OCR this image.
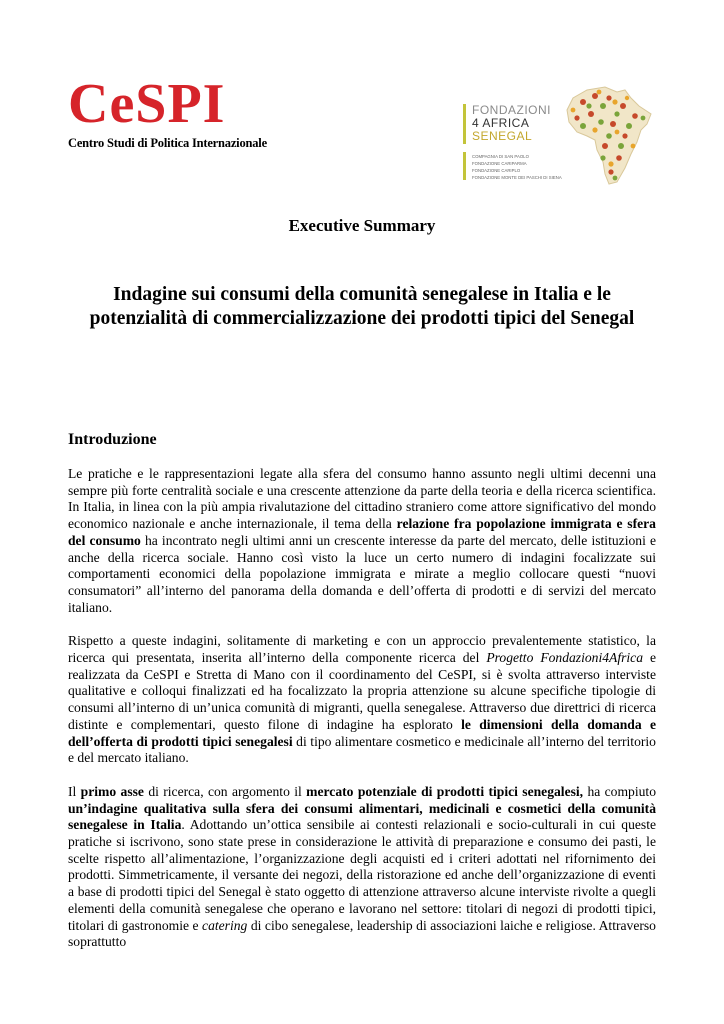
CeSPI
Centro Studi di Politica Internazionale
FONDAZIONI
4 AFRICA
SENEGAL
COMPAGNIA DI SAN PAOLO
FONDAZIONE CARIPARMA
FONDAZIONE CARIPLO
FONDAZIONE MONTE DEI PASCHI DI SIENA
Executive Summary
Indagine sui consumi della comunità senegalese in Italia e le potenzialità di commercializzazione dei prodotti tipici del Senegal
Introduzione

Le pratiche e le rappresentazioni legate alla sfera del consumo hanno assunto negli ultimi decenni una sempre più forte centralità sociale e una crescente attenzione da parte della teoria e della ricerca scientifica. In Italia, in linea con la più ampia rivalutazione del cittadino straniero come attore significativo del mondo economico nazionale e anche internazionale, il tema della relazione fra popolazione immigrata e sfera del consumo ha incontrato negli ultimi anni un crescente interesse da parte del mercato, delle istituzioni e anche della ricerca sociale. Hanno così visto la luce un certo numero di indagini focalizzate sui comportamenti economici della popolazione immigrata e mirate a meglio collocare questi “nuovi consumatori” all’interno del panorama della domanda e dell’offerta di prodotti e di servizi del mercato italiano.

Rispetto a queste indagini, solitamente di marketing e con un approccio prevalentemente statistico, la ricerca qui presentata, inserita all’interno della componente ricerca del Progetto Fondazioni4Africa e realizzata da CeSPI e Stretta di Mano con il coordinamento del CeSPI, si è svolta attraverso interviste qualitative e colloqui finalizzati ed ha focalizzato la propria attenzione su alcune specifiche tipologie di consumi all’interno di un’unica comunità di migranti, quella senegalese. Attraverso due direttrici di ricerca distinte e complementari, questo filone di indagine ha esplorato le dimensioni della domanda e dell’offerta di prodotti tipici senegalesi di tipo alimentare cosmetico e medicinale all’interno del territorio e del mercato italiano.

Il primo asse di ricerca, con argomento il mercato potenziale di prodotti tipici senegalesi, ha compiuto un’indagine qualitativa sulla sfera dei consumi alimentari, medicinali e cosmetici della comunità senegalese in Italia. Adottando un’ottica sensibile ai contesti relazionali e socio-culturali in cui queste pratiche si iscrivono, sono state prese in considerazione le attività di preparazione e consumo dei pasti, le scelte rispetto all’alimentazione, l’organizzazione degli acquisti ed i criteri adottati nel rifornimento dei prodotti. Simmetricamente, il versante dei negozi, della ristorazione ed anche dell’organizzazione di eventi a base di prodotti tipici del Senegal è stato oggetto di attenzione attraverso alcune interviste rivolte a quegli elementi della comunità senegalese che operano e lavorano nel settore: titolari di negozi di prodotti tipici, titolari di gastronomie e catering di cibo senegalese, leadership di associazioni laiche e religiose. Attraverso soprattutto
